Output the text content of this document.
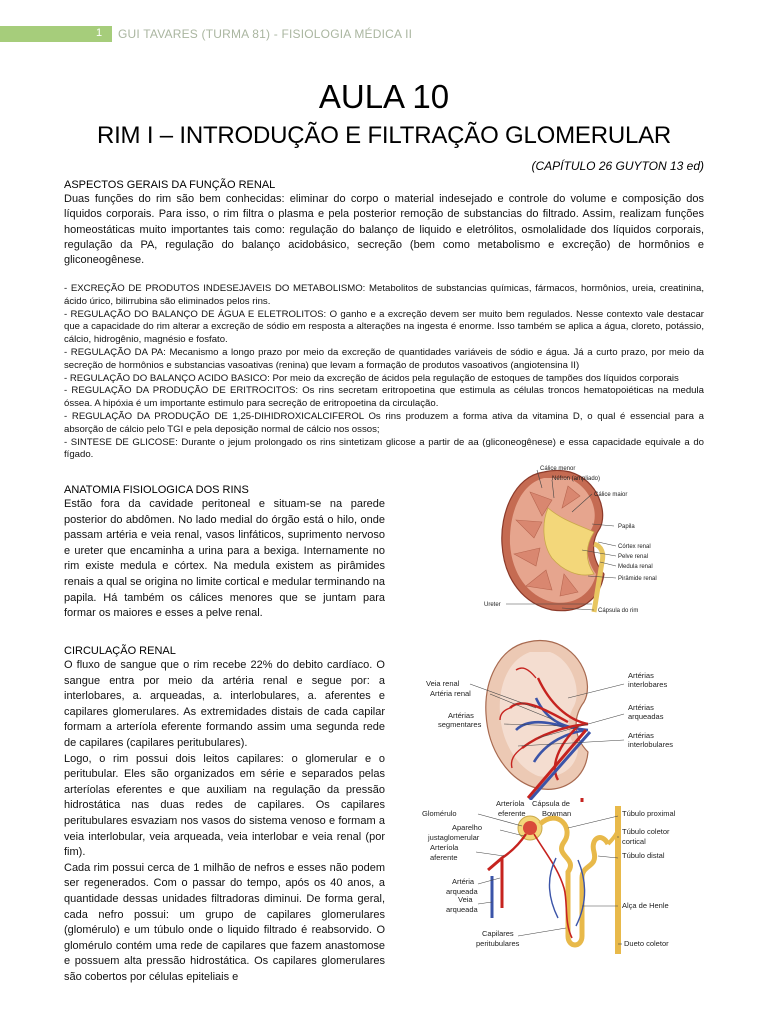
1	GUI TAVARES (TURMA 81) - FISIOLOGIA MÉDICA II
AULA 10
RIM I – INTRODUÇÃO E FILTRAÇÃO GLOMERULAR
(CAPÍTULO 26 GUYTON 13 ed)
ASPECTOS GERAIS DA FUNÇÃO RENAL
Duas funções do rim são bem conhecidas: eliminar do corpo o material indesejado e controle do volume e composição dos líquidos corporais. Para isso, o rim filtra o plasma e pela posterior remoção de substancias do filtrado. Assim, realizam funções homeostáticas muito importantes tais como: regulação do balanço de liquido e eletrólitos, osmolalidade dos líquidos corporais, regulação da PA, regulação do balanço acidobásico, secreção (bem como metabolismo e excreção) de hormônios e gliconeogênese.

- EXCREÇÃO DE PRODUTOS INDESEJAVEIS DO METABOLISMO: Metabolitos de substancias químicas, fármacos, hormônios, ureia, creatinina, ácido úrico, bilirrubina são eliminados pelos rins.

- REGULAÇÃO DO BALANÇO DE ÁGUA E ELETROLITOS: O ganho e a excreção devem ser muito bem regulados. Nesse contexto vale destacar que a capacidade do rim alterar a excreção de sódio em resposta a alterações na ingesta é enorme. Isso também se aplica a água, cloreto, potássio, cálcio, hidrogênio, magnésio e fosfato.

- REGULAÇÃO DA PA: Mecanismo a longo prazo por meio da excreção de quantidades variáveis de sódio e água. Já a curto prazo, por meio da secreção de hormônios e substancias vasoativas (renina) que levam a formação de produtos vasoativos (angiotensina II)

- REGULAÇÃO DO BALANÇO ACIDO BASICO: Por meio da excreção de ácidos pela regulação de estoques de tampões dos líquidos corporais

- REGULAÇÃO DA PRODUÇÃO DE ERITROCITOS: Os rins secretam eritropoetina que estimula as células troncos hematopoiéticas na medula óssea. A hipóxia é um importante estimulo para secreção de eritropoetina da circulação.

- REGULAÇÃO DA PRODUÇÃO DE 1,25-DIHIDROXICALCIFEROL Os rins produzem a forma ativa da vitamina D, o qual é essencial para a absorção de cálcio pelo TGI e pela deposição normal de cálcio nos ossos;

- SINTESE DE GLICOSE: Durante o jejum prolongado os rins sintetizam glicose a partir de aa (gliconeogênese) e essa capacidade equivale a do fígado.

ANATOMIA FISIOLOGICA DOS RINS
Estão fora da cavidade peritoneal e situam-se na parede posterior do abdômen. No lado medial do órgão está o hilo, onde passam artéria e veia renal, vasos linfáticos, suprimento nervoso e ureter que encaminha a urina para a bexiga. Internamente no rim existe medula e córtex. Na medula existem as pirâmides renais a qual se origina no limite cortical e medular terminando na papila. Há também os cálices menores que se juntam para formar os maiores e esses a pelve renal.
CIRCULAÇÃO RENAL

O fluxo de sangue que o rim recebe 22% do debito cardíaco. O sangue entra por meio da artéria renal e segue por: a interlobares, a. arqueadas, a. interlobulares, a. aferentes e capilares glomerulares. As extremidades distais de cada capilar formam a arteríola eferente formando assim uma segunda rede de capilares (capilares peritubulares).

Logo, o rim possui dois leitos capilares: o glomerular e o peritubular. Eles são organizados em série e separados pelas arteríolas eferentes e que auxiliam na regulação da pressão hidrostática nas duas redes de capilares. Os capilares peritubulares esvaziam nos vasos do sistema venoso e formam a veia interlobular, veia arqueada, veia interlobar e veia renal (por fim).

Cada rim possui cerca de 1 milhão de nefros e esses não podem ser regenerados. Com o passar do tempo, após os 40 anos, a quantidade dessas unidades filtradoras diminui. De forma geral, cada nefro possui: um grupo de capilares glomerulares (glomérulo) e um túbulo onde o liquido filtrado é reabsorvido. O glomérulo contém uma rede de capilares que fazem anastomose e possuem alta pressão hidrostática. Os capilares glomerulares são cobertos por células epiteliais e

Cálice menor
Néfron (ampliado)
Cálice maior
Papila
Córtex renal
Pelve renal
Medula renal
Pirâmide renal
Ureter
Cápsula do rim
Veia renal
Artéria renal
Artérias segmentares
Artérias interlobares
Artérias arqueadas
Artérias interlobulares
Glomérulo
Arteríola eferente
Cápsula de Bowman	Túbulo proximal
Aparelho justaglomerular
Arteríola aferente
Túbulo coletor cortical
Túbulo distal
Artéria arqueada
Veia arqueada	Alça de Henle
Capilares peritubulares	Dueto coletor
